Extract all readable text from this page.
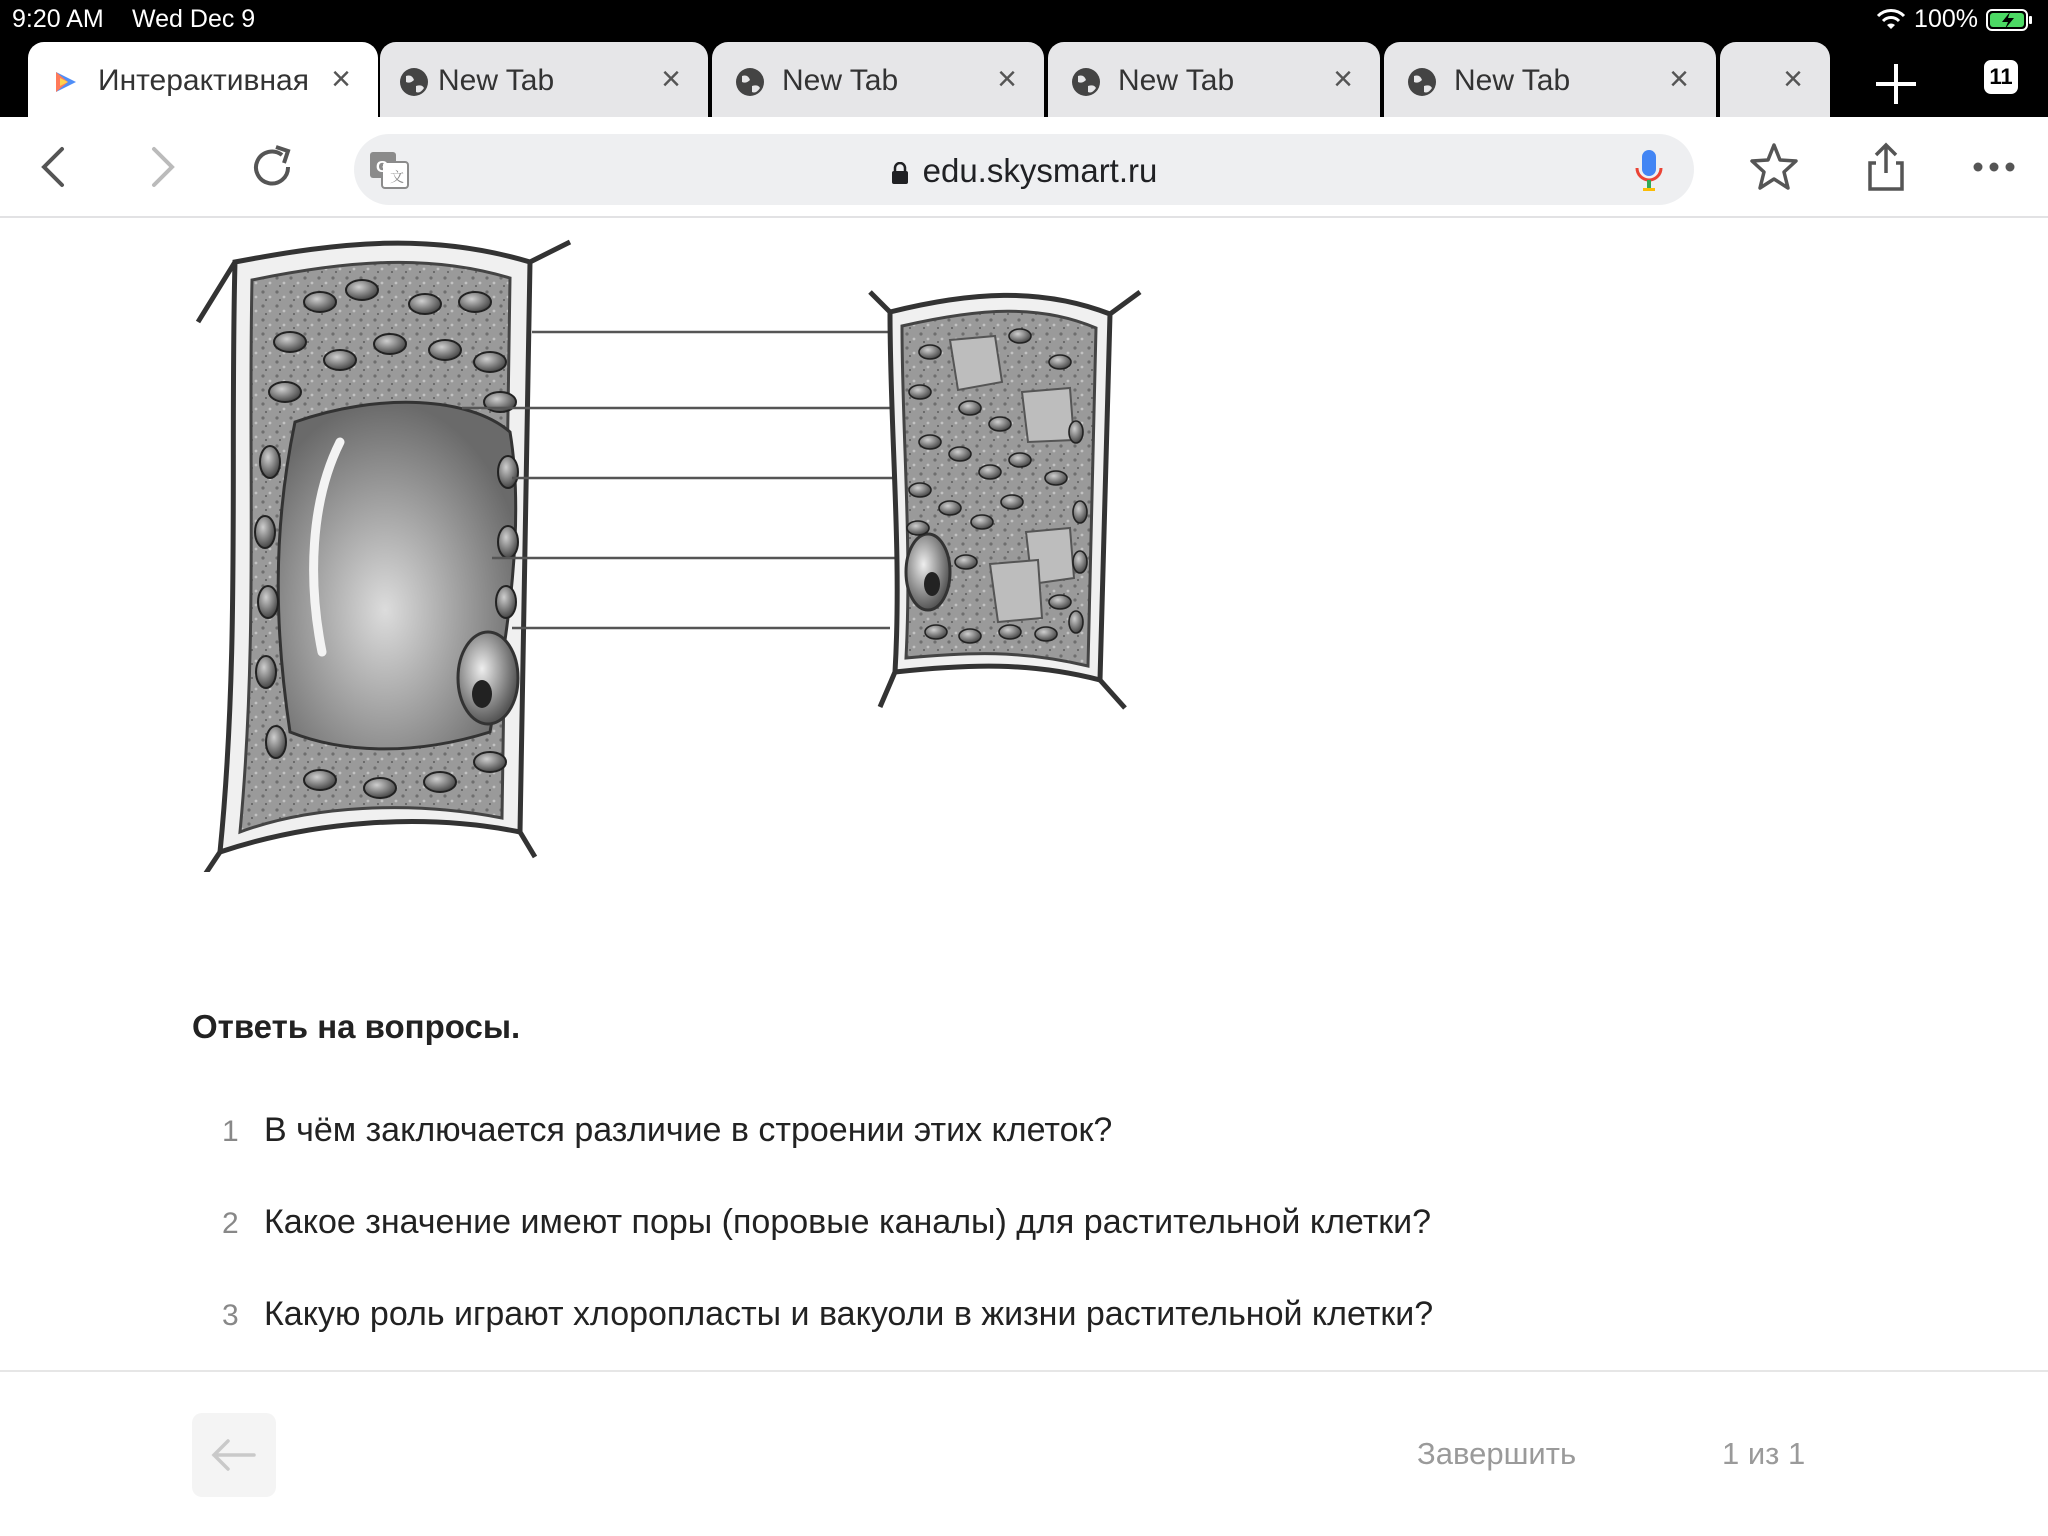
9:20 AM Wed Dec 9	100%
Интерактивная ×	New Tab	×	New Tab	×	New Tab	×	New Tab	×	×	11
G
文	edu.skysmart.ru
Ответь на вопросы.
1 В чём заключается различие в строении этих клеток?
2 Какое значение имеют поры (поровые каналы) для растительной клетки?
3 Какую роль играют хлоропласты и вакуоли в жизни растительной клетки?
Завершить	1 из 1
